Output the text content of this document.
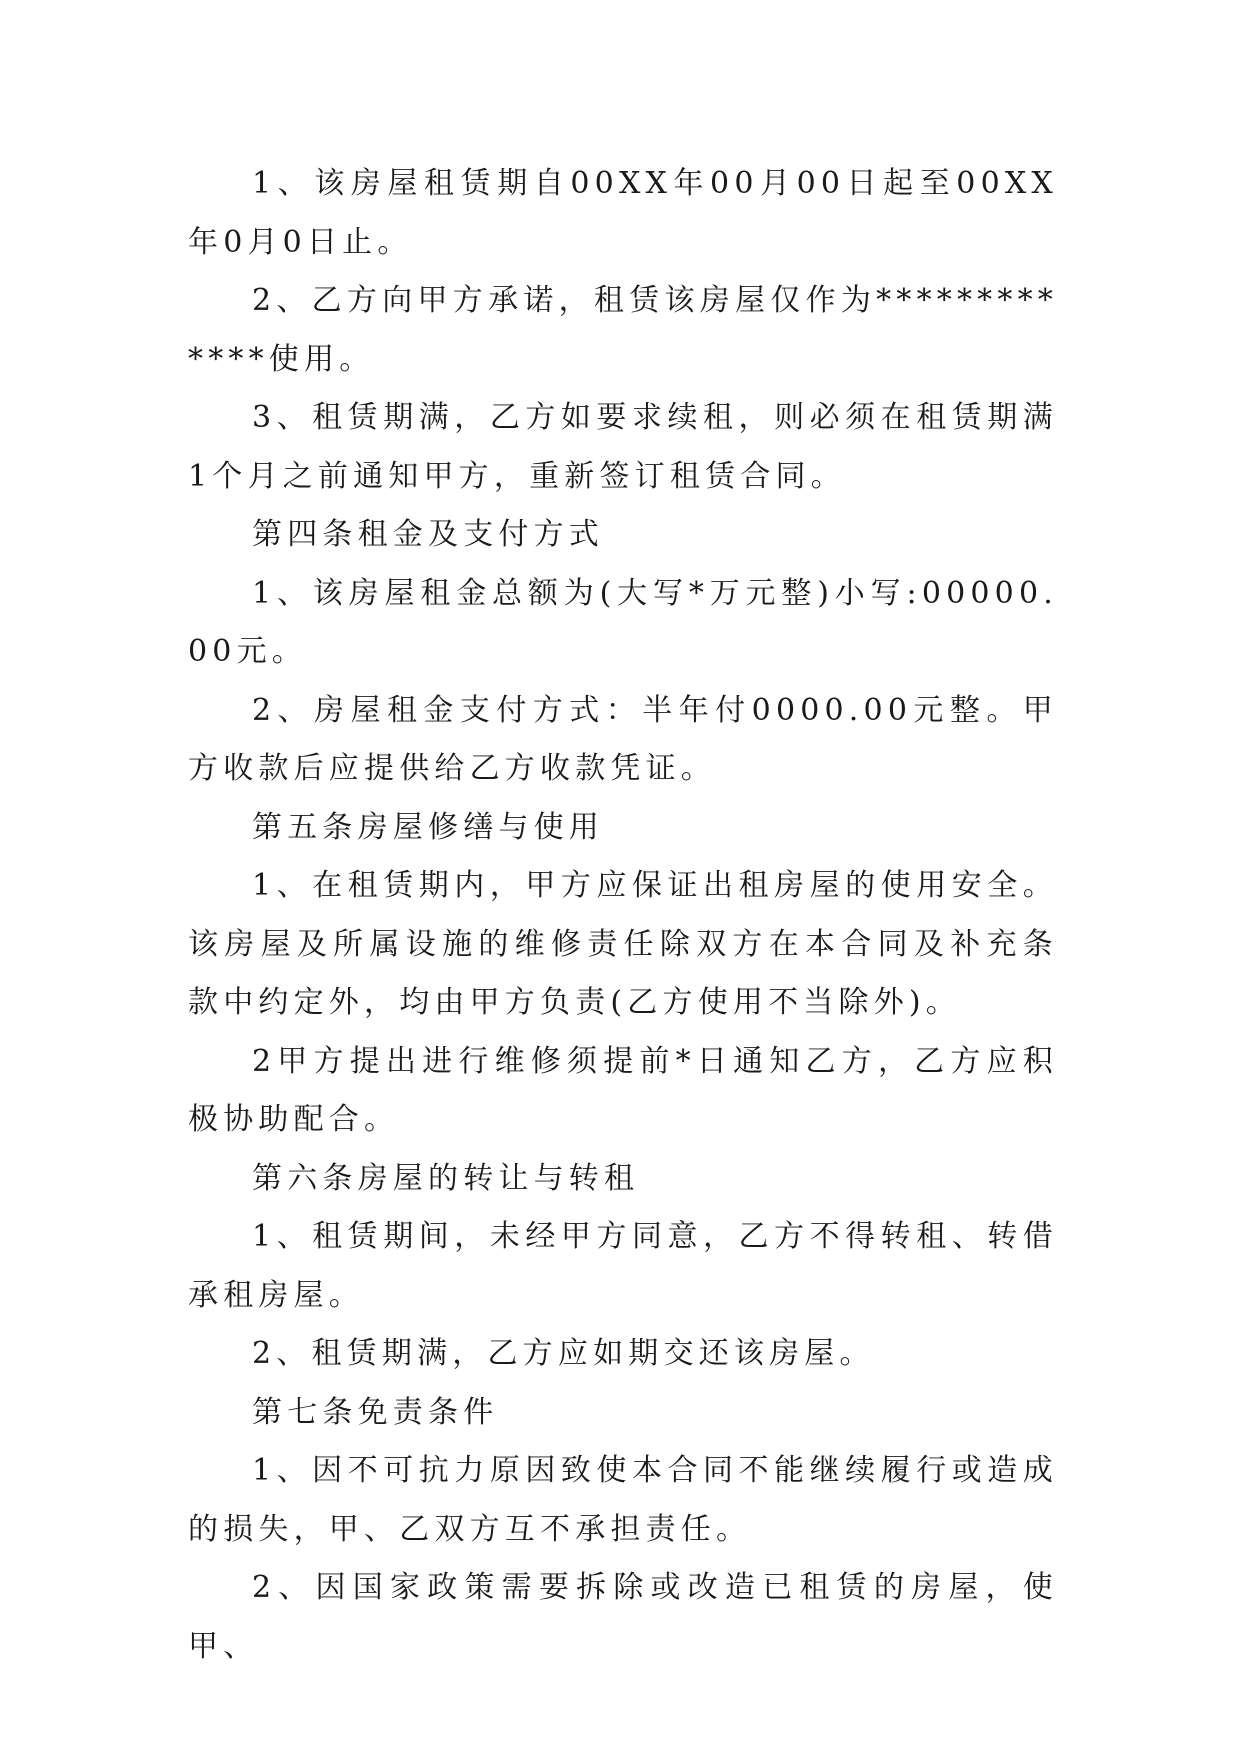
1、该房屋租赁期自00XX年00月00日起至00XX年0月0日止。

2、乙方向甲方承诺，租赁该房屋仅作为*************使用。

3、租赁期满，乙方如要求续租，则必须在租赁期满1个月之前通知甲方，重新签订租赁合同。

第四条租金及支付方式

1、该房屋租金总额为(大写*万元整)小写:00000.00元。

2、房屋租金支付方式：半年付0000.00元整。甲方收款后应提供给乙方收款凭证。

第五条房屋修缮与使用

1、在租赁期内，甲方应保证出租房屋的使用安全。该房屋及所属设施的维修责任除双方在本合同及补充条款中约定外，均由甲方负责(乙方使用不当除外)。

2甲方提出进行维修须提前*日通知乙方，乙方应积极协助配合。

第六条房屋的转让与转租

1、租赁期间，未经甲方同意，乙方不得转租、转借承租房屋。

2、租赁期满，乙方应如期交还该房屋。

第七条免责条件

1、因不可抗力原因致使本合同不能继续履行或造成的损失，甲、乙双方互不承担责任。

2、因国家政策需要拆除或改造已租赁的房屋，使甲、
